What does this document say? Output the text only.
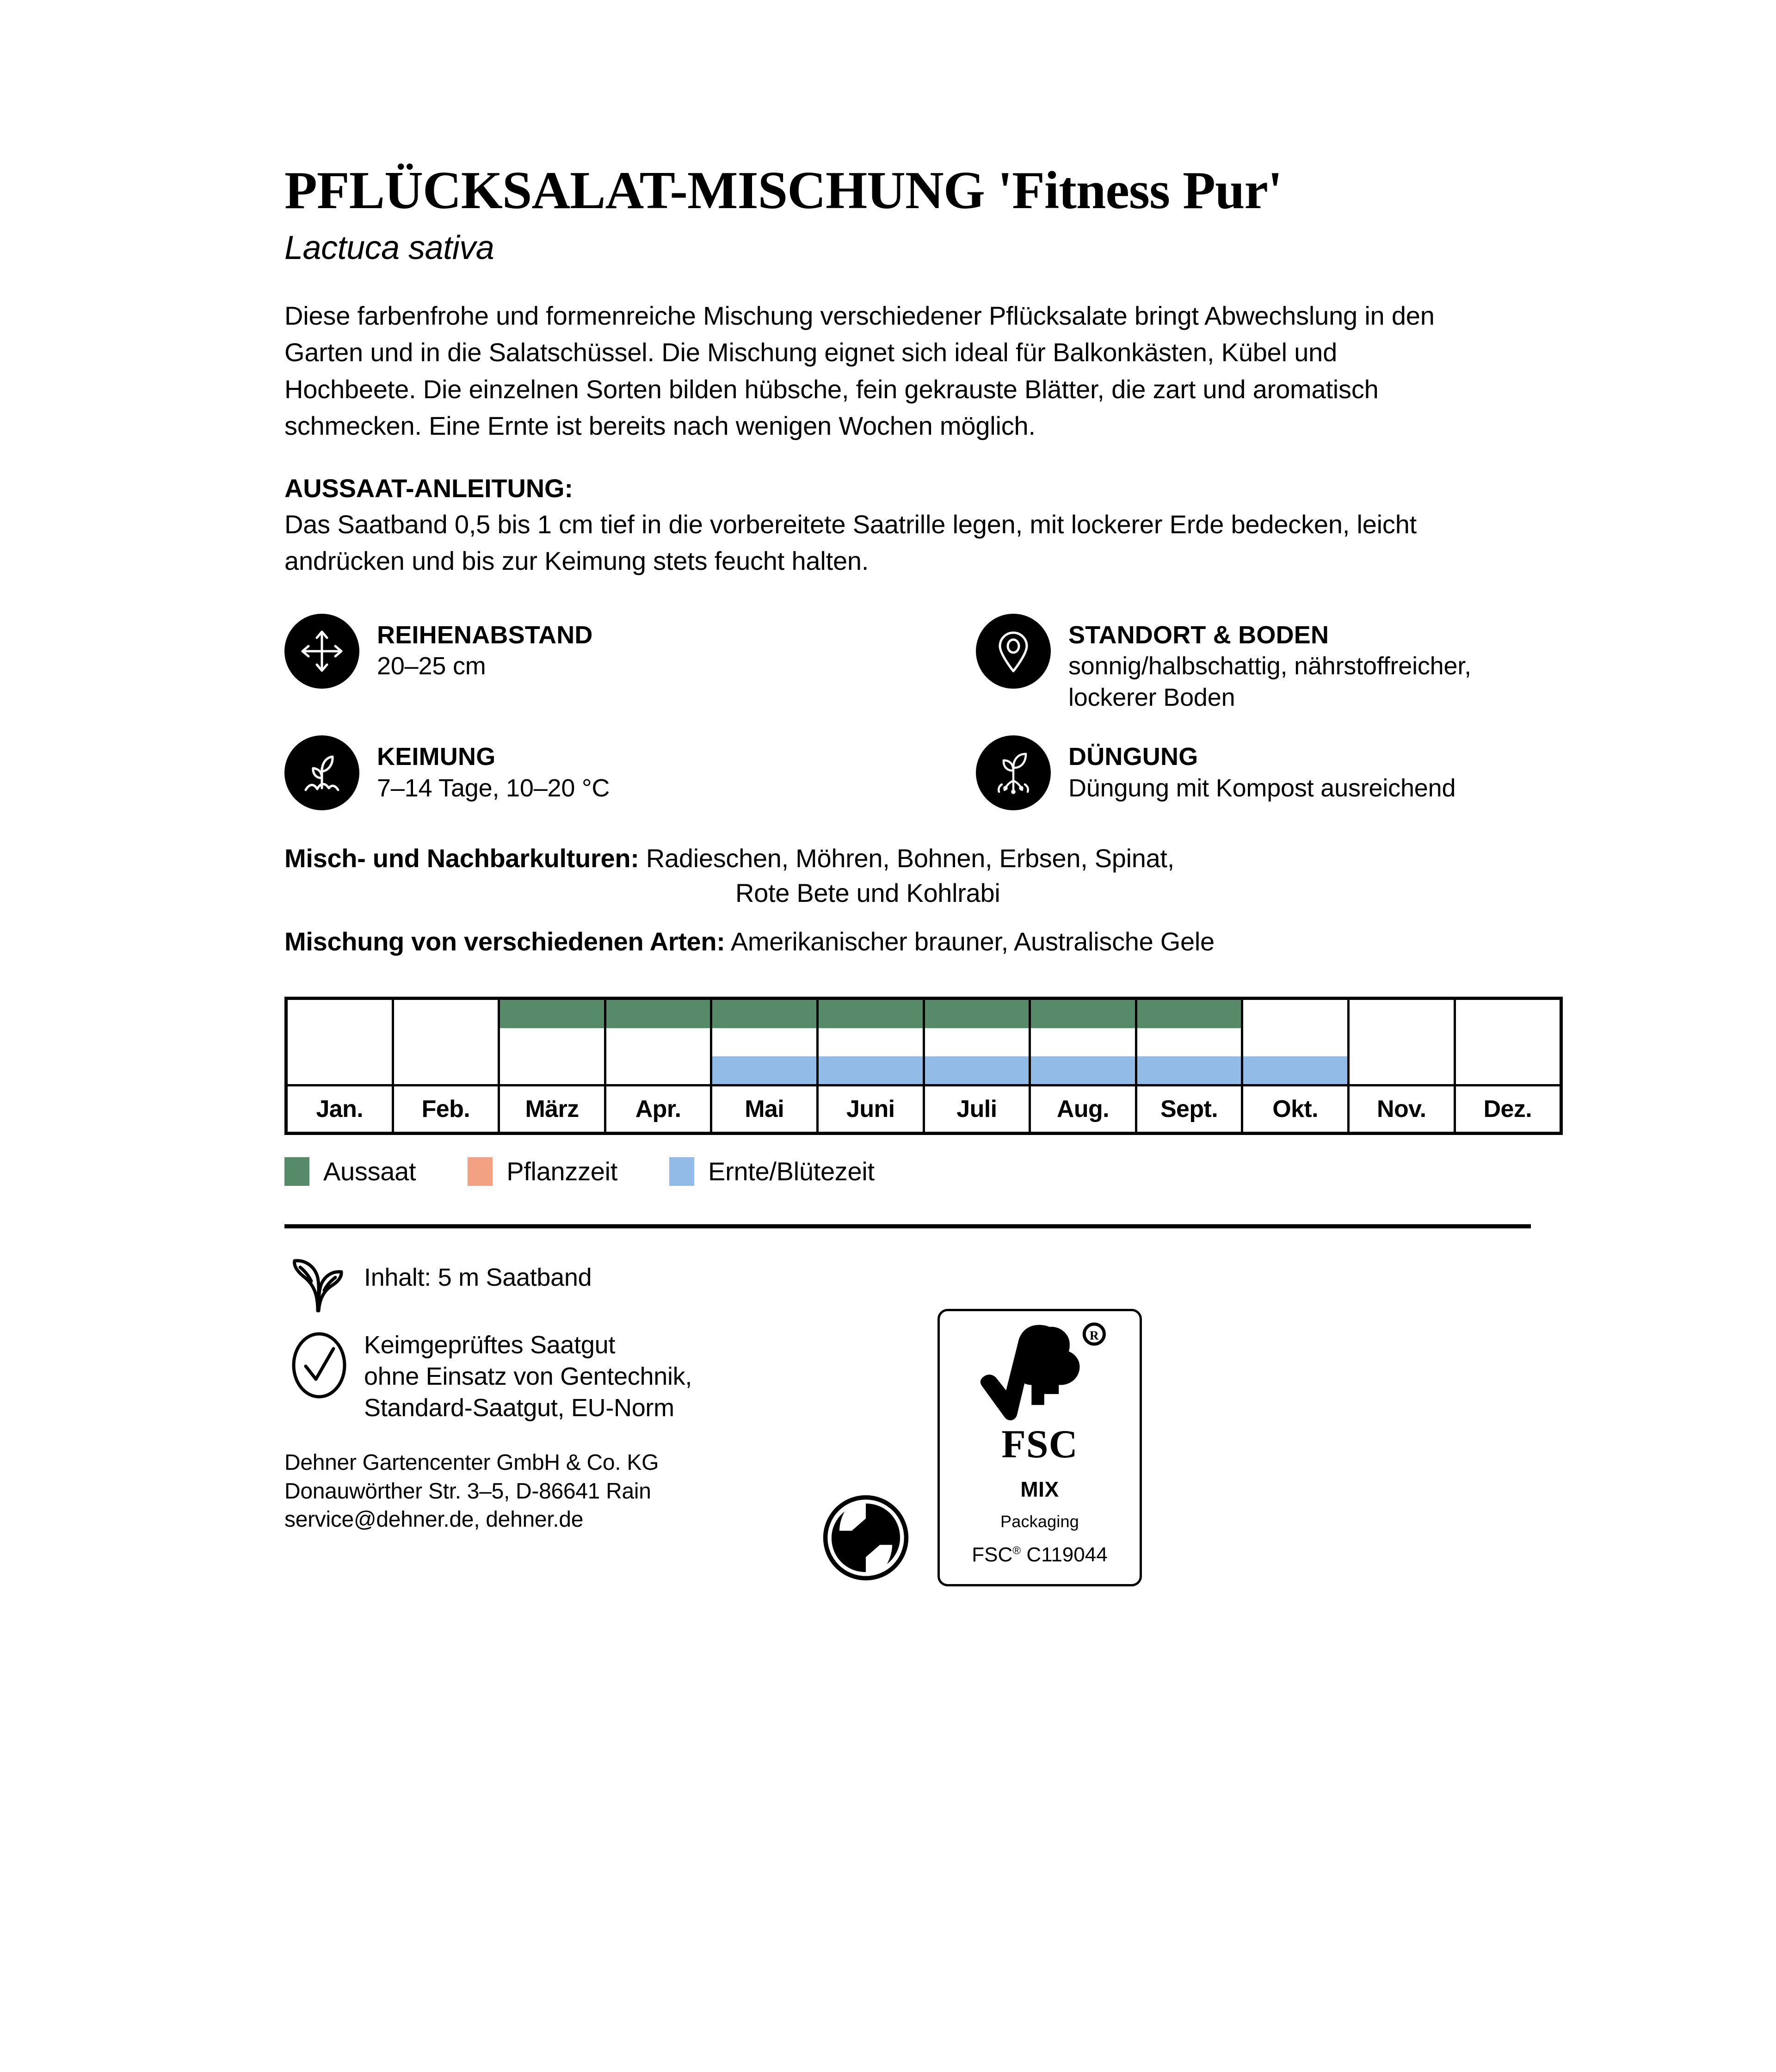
PFLÜCKSALAT-MISCHUNG 'Fitness Pur'
Lactuca sativa
Diese farbenfrohe und formenreiche Mischung verschiedener Pflücksalate bringt Abwechslung in den Garten und in die Salatschüssel. Die Mischung eignet sich ideal für Balkonkästen, Kübel und Hochbeete. Die einzelnen Sorten bilden hübsche, fein gekrauste Blätter, die zart und aromatisch schmecken. Eine Ernte ist bereits nach wenigen Wochen möglich.
AUSSAAT-ANLEITUNG:
Das Saatband 0,5 bis 1 cm tief in die vorbereitete Saatrille legen, mit lockerer Erde bedecken, leicht andrücken und bis zur Keimung stets feucht halten.
REIHENABSTAND
20–25 cm
STANDORT & BODEN
sonnig/halbschattig, nährstoffreicher, lockerer Boden
KEIMUNG
7–14 Tage, 10–20 °C
DÜNGUNG
Düngung mit Kompost ausreichend
Misch- und Nachbarkulturen: Radieschen, Möhren, Bohnen, Erbsen, Spinat,
Rote Bete und Kohlrabi
Mischung von verschiedenen Arten: Amerikanischer brauner, Australische Gele

Jan.	Feb.	März	Apr.	Mai	Juni	Juli	Aug.	Sept.	Okt.	Nov.	Dez.
Aussaat	Pflanzzeit	Ernte/Blütezeit
Inhalt: 5 m Saatband
Keimgeprüftes Saatgut
ohne Einsatz von Gentechnik,
Standard-Saatgut, EU-Norm
Dehner Gartencenter GmbH & Co. KG
Donauwörther Str. 3–5, D-86641 Rain
service@dehner.de, dehner.de
R
FSC
MIX
Packaging
FSC® C119044
